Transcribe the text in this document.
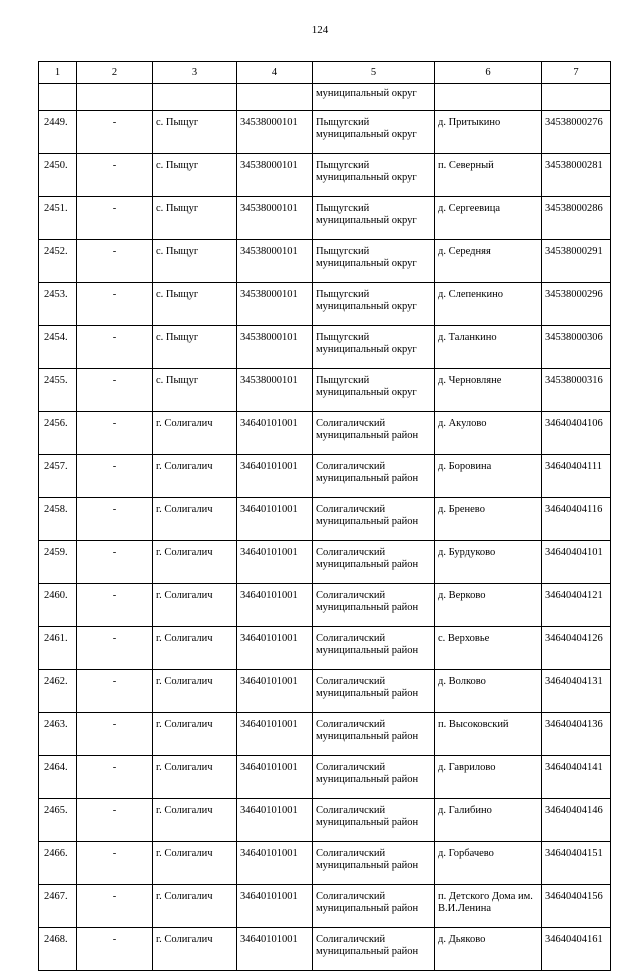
124
1	2	3	4	5	6	7
				муниципальный округ		
2449.	-	с. Пыщуг	34538000101	Пыщугский муниципальный округ	д. Притыкино	34538000276
2450.	-	с. Пыщуг	34538000101	Пыщугский муниципальный округ	п. Северный	34538000281
2451.	-	с. Пыщуг	34538000101	Пыщугский муниципальный округ	д. Сергеевица	34538000286
2452.	-	с. Пыщуг	34538000101	Пыщугский муниципальный округ	д. Середняя	34538000291
2453.	-	с. Пыщуг	34538000101	Пыщугский муниципальный округ	д. Слепенкино	34538000296
2454.	-	с. Пыщуг	34538000101	Пыщугский муниципальный округ	д. Таланкино	34538000306
2455.	-	с. Пыщуг	34538000101	Пыщугский муниципальный округ	д. Черновляне	34538000316
2456.	-	г. Солигалич	34640101001	Солигаличский муниципальный район	д. Акулово	34640404106
2457.	-	г. Солигалич	34640101001	Солигаличский муниципальный район	д. Боровина	34640404111
2458.	-	г. Солигалич	34640101001	Солигаличский муниципальный район	д. Бренево	34640404116
2459.	-	г. Солигалич	34640101001	Солигаличский муниципальный район	д. Бурдуково	34640404101
2460.	-	г. Солигалич	34640101001	Солигаличский муниципальный район	д. Верково	34640404121
2461.	-	г. Солигалич	34640101001	Солигаличский муниципальный район	с. Верховье	34640404126
2462.	-	г. Солигалич	34640101001	Солигаличский муниципальный район	д. Волково	34640404131
2463.	-	г. Солигалич	34640101001	Солигаличский муниципальный район	п. Высоковский	34640404136
2464.	-	г. Солигалич	34640101001	Солигаличский муниципальный район	д. Гаврилово	34640404141
2465.	-	г. Солигалич	34640101001	Солигаличский муниципальный район	д. Галибино	34640404146
2466.	-	г. Солигалич	34640101001	Солигаличский муниципальный район	д. Горбачево	34640404151
2467.	-	г. Солигалич	34640101001	Солигаличский муниципальный район	п. Детского Дома им. В.И.Ленина	34640404156
2468.	-	г. Солигалич	34640101001	Солигаличский муниципальный район	д. Дьяково	34640404161
